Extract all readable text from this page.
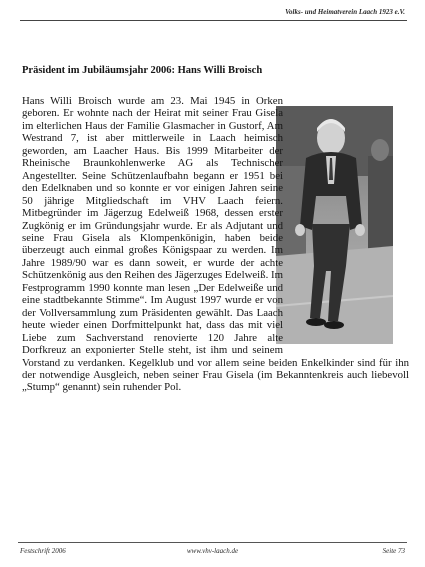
Volks- und Heimatverein Laach 1923 e.V.
Präsident im Jubiläumsjahr 2006: Hans Willi Broisch

Hans Willi Broisch wurde am 23. Mai 1945 in Orken geboren. Er wohnte nach der Heirat mit seiner Frau Gisela im elterlichen Haus der Familie Glasmacher in Gustorf, Am Westrand 7, ist aber mittlerweile in Laach heimisch geworden, am Laacher Haus. Bis 1999 Mitarbeiter der Rheinische Braunkohlenwerke AG als Technischer Angestellter. Seine Schützenlaufbahn begann er 1951 bei den Edelknaben und so konnte er vor einigen Jahren seine 50 jährige Mitgliedschaft im VHV Laach feiern. Mitbegründer im Jägerzug Edelweiß 1968, dessen erster Zugkönig er im Gründungsjahr wurde. Er als Adjutant und seine Frau Gisela als Klompenkönigin, haben beide überzeugt auch einmal großes Königspaar zu werden. Im Jahre 1989/90 war es dann soweit, er wurde der achte Schützenkönig aus den Reihen des Jägerzuges Edelweiß. Im Festprogramm 1990 konnte man lesen „Der Edelweiße und eine stadtbekannte Stimme“. Im August 1997 wurde er von der Vollversammlung zum Präsidenten gewählt. Das Laach heute wieder einen Dorfmittelpunkt hat, dass das mit viel Liebe zum Sachverstand renovierte 120 Jahre alte Dorfkreuz an exponierter Stelle steht, ist ihm und seinem Vorstand zu verdanken. Kegelklub und vor allem seine beiden Enkelkinder sind für ihn der notwendige Ausgleich, neben seiner Frau Gisela (im Bekanntenkreis auch liebevoll „Stump“ genannt) sein ruhender Pol.

Festschrift 2006	www.vhv-laach.de	Seite 73
